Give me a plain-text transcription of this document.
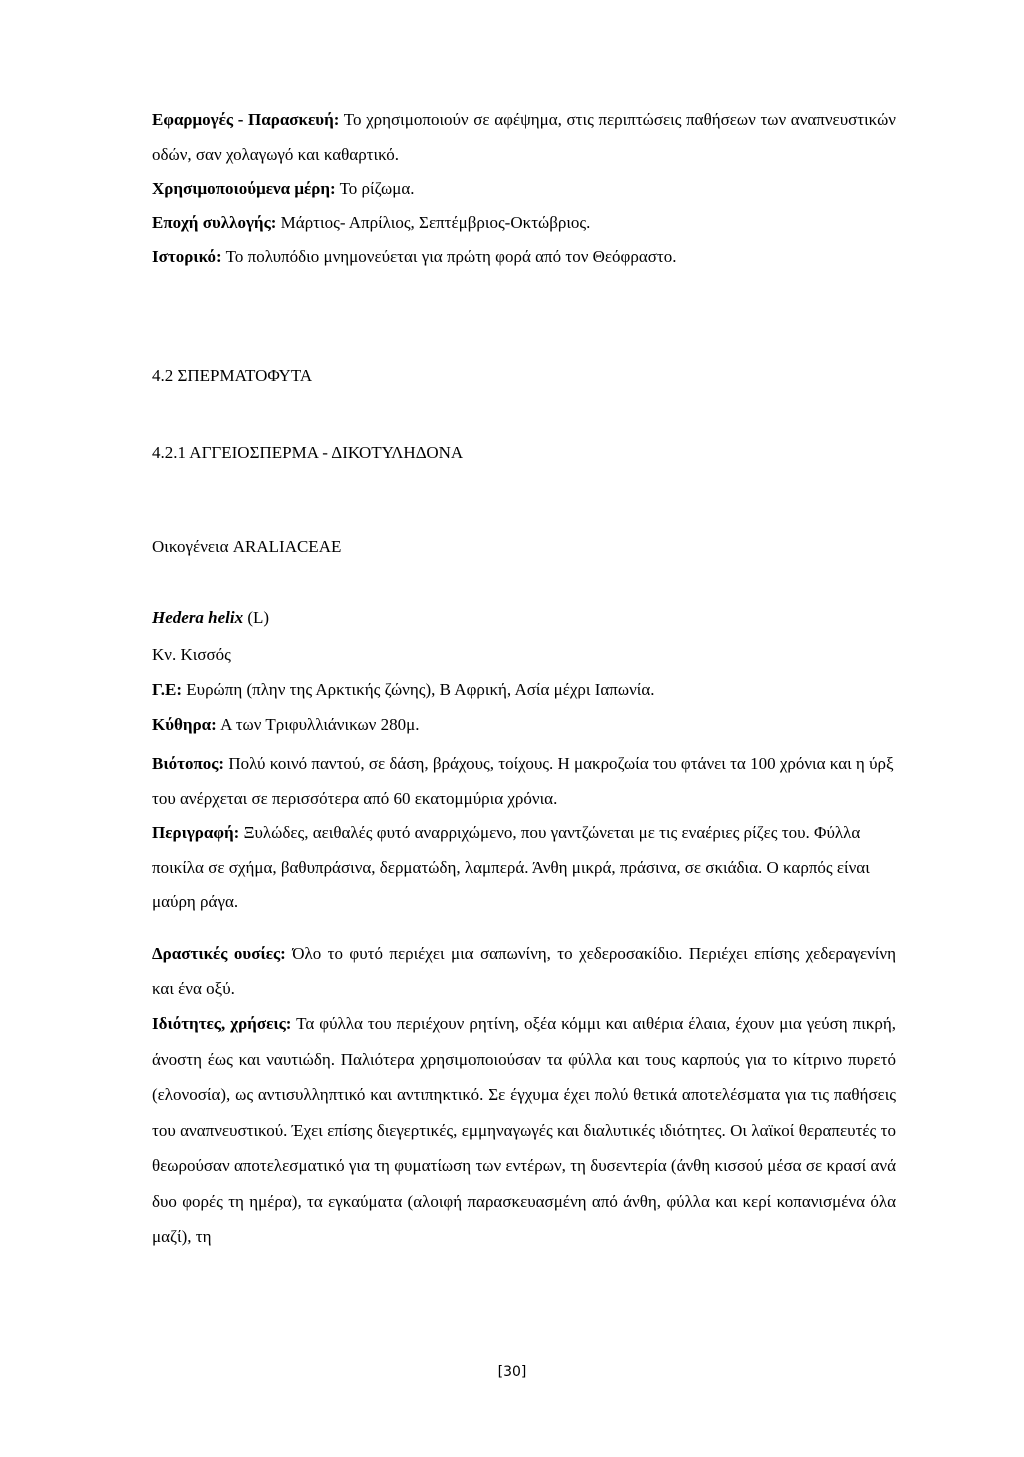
Εφαρμογές - Παρασκευή: Το χρησιμοποιούν σε αφέψημα, στις περιπτώσεις παθήσεων των αναπνευστικών οδών, σαν χολαγωγό και καθαρτικό.

Χρησιμοποιούμενα μέρη: Το ρίζωμα.

Εποχή συλλογής: Μάρτιος- Απρίλιος, Σεπτέμβριος-Οκτώβριος.

Ιστορικό: Το πολυπόδιο μνημονεύεται για πρώτη φορά από τον Θεόφραστο.

4.2 ΣΠΕΡΜΑΤΟΦΥΤΑ

4.2.1 ΑΓΓΕΙΟΣΠΕΡΜΑ - ΔΙΚΟΤΥΛΗΔΟΝΑ

Οικογένεια ARALIACEAE

Hedera helix (L)

Κν. Κισσός

Γ.Ε: Ευρώπη (πλην της Αρκτικής ζώνης), Β Αφρική, Ασία μέχρι Ιαπωνία.

Κύθηρα: Α των Τριφυλλιάνικων 280μ.

Βιότοπος: Πολύ κοινό παντού, σε δάση, βράχους, τοίχους. Η μακροζωία του φτάνει τα 100 χρόνια και η ύρξ του ανέρχεται σε περισσότερα από 60 εκατομμύρια χρόνια.

Περιγραφή: Ξυλώδες, αειθαλές φυτό αναρριχώμενο, που γαντζώνεται με τις εναέριες ρίζες του. Φύλλα ποικίλα σε σχήμα, βαθυπράσινα, δερματώδη, λαμπερά. Άνθη μικρά, πράσινα, σε σκιάδια. Ο καρπός είναι μαύρη ράγα.

Δραστικές ουσίες: Όλο το φυτό περιέχει μια σαπωνίνη, το χεδεροσακίδιο. Περιέχει επίσης χεδεραγενίνη και ένα οξύ.

Ιδιότητες, χρήσεις: Τα φύλλα του περιέχουν ρητίνη, οξέα κόμμι και αιθέρια έλαια, έχουν μια γεύση πικρή, άνοστη έως και ναυτιώδη. Παλιότερα χρησιμοποιούσαν τα φύλλα και τους καρπούς για το κίτρινο πυρετό (ελονοσία), ως αντισυλληπτικό και αντιπηκτικό. Σε έγχυμα έχει πολύ θετικά αποτελέσματα για τις παθήσεις του αναπνευστικού. Έχει επίσης διεγερτικές, εμμηναγωγές και διαλυτικές ιδιότητες. Οι λαϊκοί θεραπευτές το θεωρούσαν αποτελεσματικό για τη φυματίωση των εντέρων, τη δυσεντερία (άνθη κισσού μέσα σε κρασί ανά δυο φορές τη ημέρα), τα εγκαύματα (αλοιφή παρασκευασμένη από άνθη, φύλλα και κερί κοπανισμένα όλα μαζί), τη

[30]
